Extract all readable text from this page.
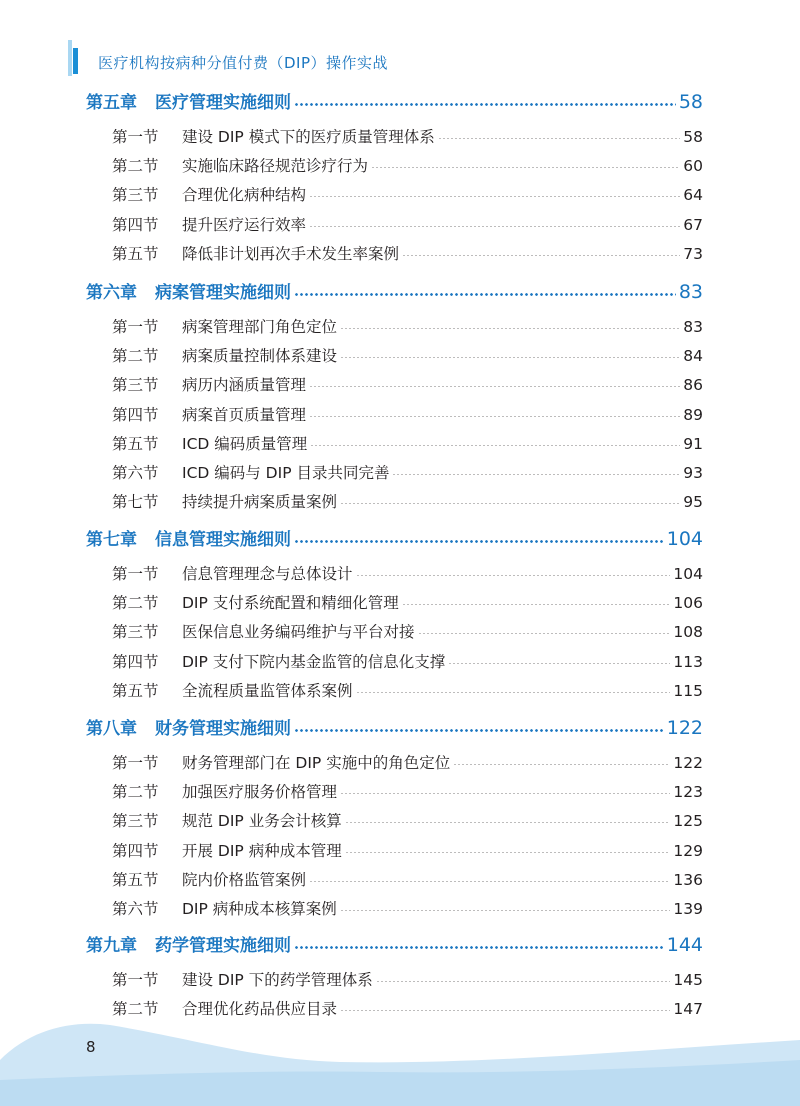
医疗机构按病种分值付费（DIP）操作实战
第五章 医疗管理实施细则	58
第一节	建设 DIP 模式下的医疗质量管理体系	58
第二节	实施临床路径规范诊疗行为	60
第三节	合理优化病种结构	64
第四节	提升医疗运行效率	67
第五节	降低非计划再次手术发生率案例	73
第六章 病案管理实施细则	83
第一节	病案管理部门角色定位	83
第二节	病案质量控制体系建设	84
第三节	病历内涵质量管理	86
第四节	病案首页质量管理	89
第五节	ICD 编码质量管理	91
第六节	ICD 编码与 DIP 目录共同完善	93
第七节	持续提升病案质量案例	95
第七章 信息管理实施细则	104
第一节	信息管理理念与总体设计	104
第二节	DIP 支付系统配置和精细化管理	106
第三节	医保信息业务编码维护与平台对接	108
第四节	DIP 支付下院内基金监管的信息化支撑	113
第五节	全流程质量监管体系案例	115
第八章 财务管理实施细则	122
第一节	财务管理部门在 DIP 实施中的角色定位	122
第二节	加强医疗服务价格管理	123
第三节	规范 DIP 业务会计核算	125
第四节	开展 DIP 病种成本管理	129
第五节	院内价格监管案例	136
第六节	DIP 病种成本核算案例	139
第九章 药学管理实施细则	144
第一节	建设 DIP 下的药学管理体系	145
第二节	合理优化药品供应目录	147
8
